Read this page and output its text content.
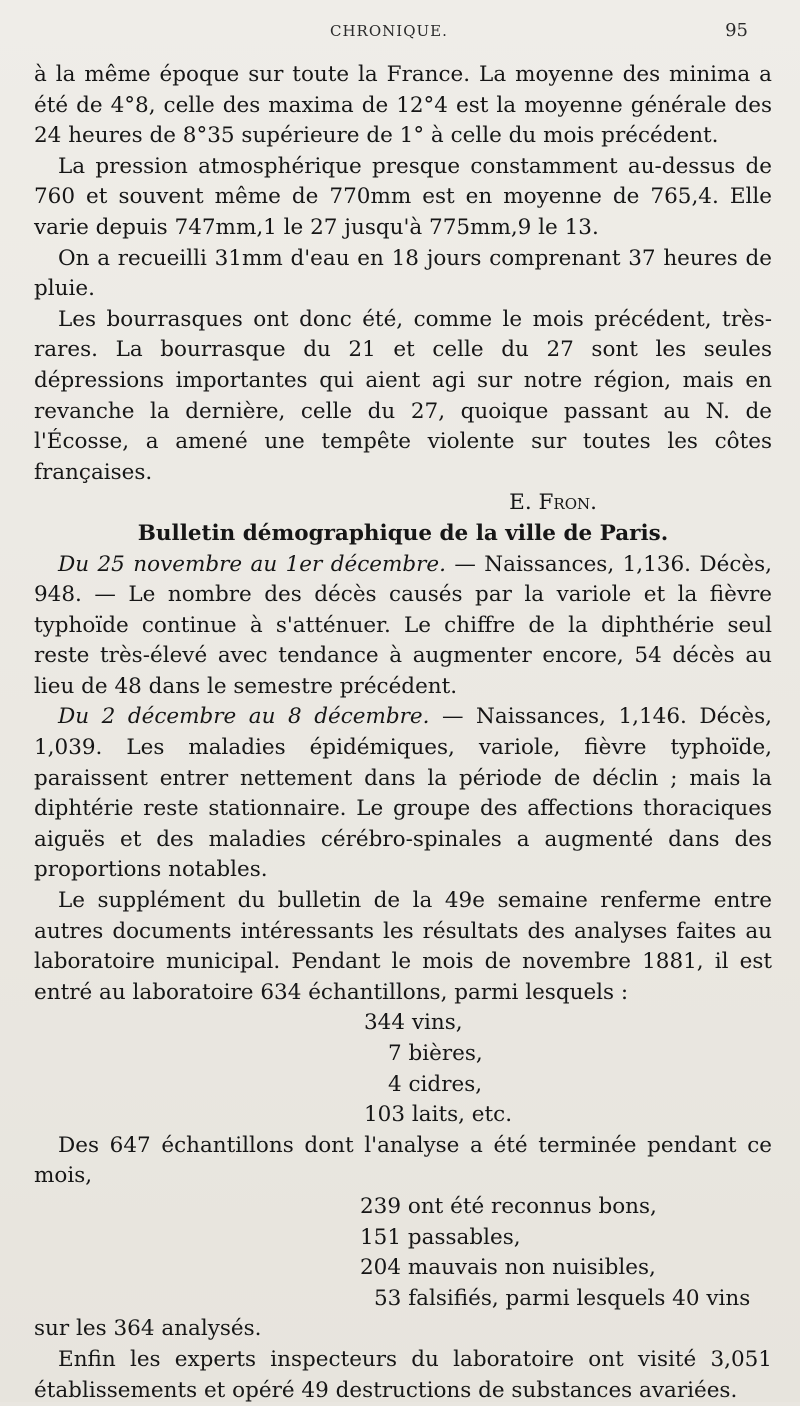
CHRONIQUE.	95

à la même époque sur toute la France. La moyenne des minima a été de 4°8, celle des maxima de 12°4 est la moyenne générale des 24 heures de 8°35 supérieure de 1° à celle du mois précédent.

La pression atmosphérique presque constamment au-dessus de 760 et souvent même de 770mm est en moyenne de 765,4. Elle varie depuis 747mm,1 le 27 jusqu'à 775mm,9 le 13.

On a recueilli 31mm d'eau en 18 jours comprenant 37 heures de pluie.

Les bourrasques ont donc été, comme le mois précédent, très-rares. La bourrasque du 21 et celle du 27 sont les seules dépressions importantes qui aient agi sur notre région, mais en revanche la dernière, celle du 27, quoique passant au N. de l'Écosse, a amené une tempête violente sur toutes les côtes françaises.

E. Fron.

Bulletin démographique de la ville de Paris.

Du 25 novembre au 1er décembre. — Naissances, 1,136. Décès, 948. — Le nombre des décès causés par la variole et la fièvre typhoïde continue à s'atténuer. Le chiffre de la diphthérie seul reste très-élevé avec tendance à augmenter encore, 54 décès au lieu de 48 dans le semestre précédent.

Du 2 décembre au 8 décembre. — Naissances, 1,146. Décès, 1,039. Les maladies épidémiques, variole, fièvre typhoïde, paraissent entrer nettement dans la période de déclin ; mais la diphtérie reste stationnaire. Le groupe des affections thoraciques aiguës et des maladies cérébro-spinales a augmenté dans des proportions notables.

Le supplément du bulletin de la 49e semaine renferme entre autres documents intéressants les résultats des analyses faites au laboratoire municipal. Pendant le mois de novembre 1881, il est entré au laboratoire 634 échantillons, parmi lesquels :

344 vins,
7 bières,
4 cidres,
103 laits, etc.

Des 647 échantillons dont l'analyse a été terminée pendant ce mois,

239 ont été reconnus bons,
151 passables,
204 mauvais non nuisibles,
53 falsifiés, parmi lesquels 40 vins

sur les 364 analysés.

Enfin les experts inspecteurs du laboratoire ont visité 3,051 établissements et opéré 49 destructions de substances avariées.
